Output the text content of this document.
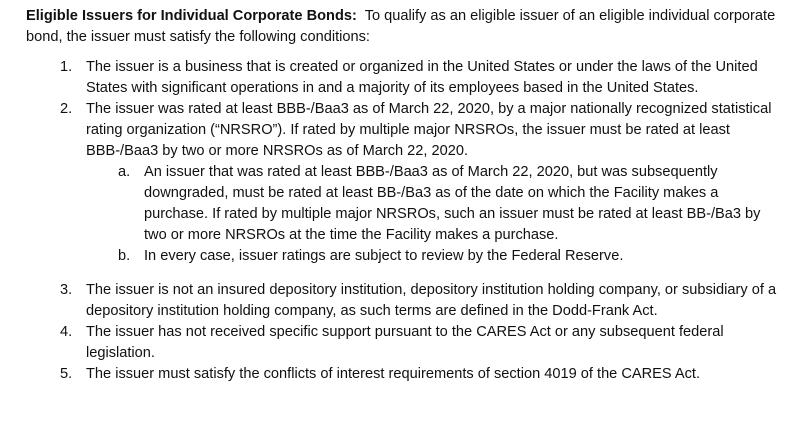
Eligible Issuers for Individual Corporate Bonds: To qualify as an eligible issuer of an eligible individual corporate bond, the issuer must satisfy the following conditions:

1. The issuer is a business that is created or organized in the United States or under the laws of the United States with significant operations in and a majority of its employees based in the United States.
2. The issuer was rated at least BBB-/Baa3 as of March 22, 2020, by a major nationally recognized statistical rating organization (“NRSRO”). If rated by multiple major NRSROs, the issuer must be rated at least BBB-/Baa3 by two or more NRSROs as of March 22, 2020.
a. An issuer that was rated at least BBB-/Baa3 as of March 22, 2020, but was subsequently downgraded, must be rated at least BB-/Ba3 as of the date on which the Facility makes a purchase. If rated by multiple major NRSROs, such an issuer must be rated at least BB-/Ba3 by two or more NRSROs at the time the Facility makes a purchase.
b. In every case, issuer ratings are subject to review by the Federal Reserve.
3. The issuer is not an insured depository institution, depository institution holding company, or subsidiary of a depository institution holding company, as such terms are defined in the Dodd-Frank Act.
4. The issuer has not received specific support pursuant to the CARES Act or any subsequent federal legislation.
5. The issuer must satisfy the conflicts of interest requirements of section 4019 of the CARES Act.
